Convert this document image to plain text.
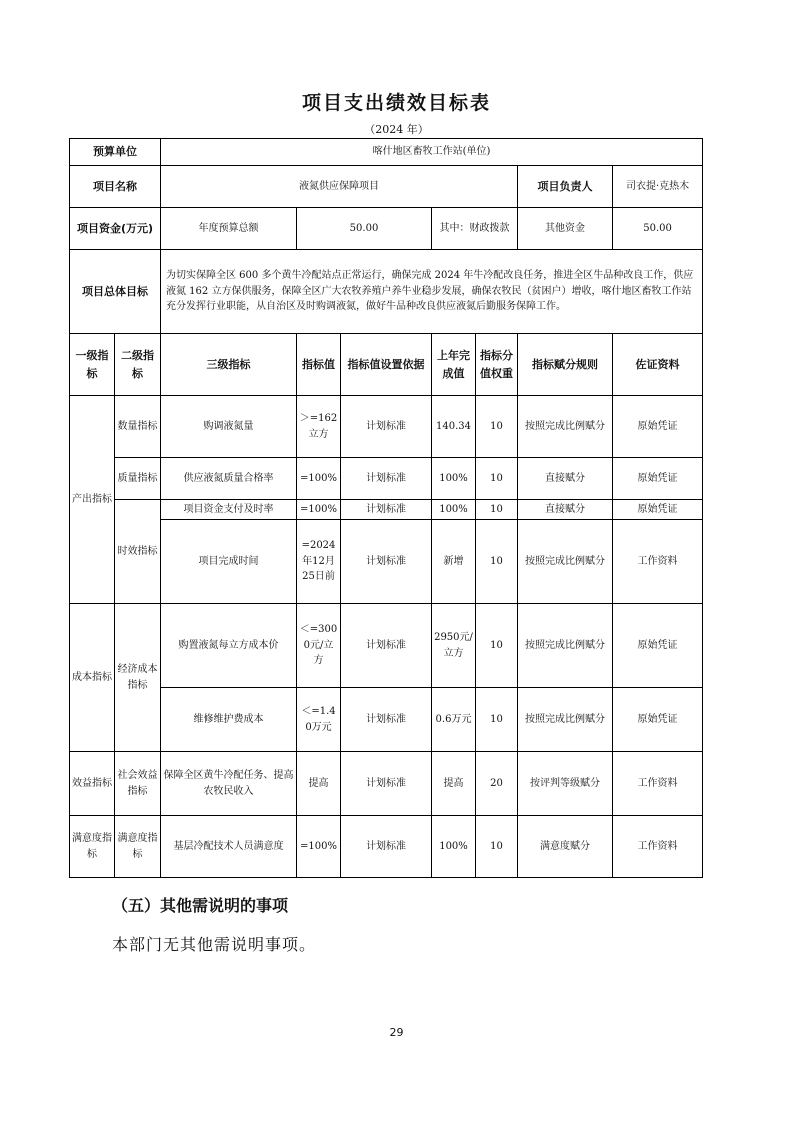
项目支出绩效目标表
（2024 年）
预算单位		喀什地区畜牧工作站(单位)						
项目名称		液氮供应保障项目					项目负责人	司衣提·克热木
项目资金(万元)		年度预算总额	50.00		其中：财政拨款		其他资金	50.00
项目总体目标		为切实保障全区 600 多个黄牛冷配站点正常运行，确保完成 2024 年牛冷配改良任务，推进全区牛品种改良工作，供应液氮 162 立方保供服务，保障全区广大农牧养殖户养牛业稳步发展，确保农牧民（贫困户）增收，喀什地区畜牧工作站充分发挥行业职能，从自治区及时购调液氮，做好牛品种改良供应液氮后勤服务保障工作。						
一级指标	二级指标	三级指标	指标值	指标值设置依据	上年完成值	指标分值权重	指标赋分规则	佐证资料
产出指标	数量指标	购调液氮量	＞=162立方	计划标准	140.34	10	按照完成比例赋分	原始凭证
	质量指标	供应液氮质量合格率	=100%	计划标准	100%	10	直接赋分	原始凭证
	时效指标	项目资金支付及时率	=100%	计划标准	100%	10	直接赋分	原始凭证
		项目完成时间	=2024年12月25日前	计划标准	新增	10	按照完成比例赋分	工作资料
成本指标	经济成本指标	购置液氮每立方成本价	＜=3000元/立方	计划标准	2950元/立方	10	按照完成比例赋分	原始凭证
		维修维护费成本	＜=1.40万元	计划标准	0.6万元	10	按照完成比例赋分	原始凭证
效益指标	社会效益指标	保障全区黄牛冷配任务、提高农牧民收入	提高	计划标准	提高	20	按评判等级赋分	工作资料
满意度指标	满意度指标	基层冷配技术人员满意度	=100%	计划标准	100%	10	满意度赋分	工作资料
（五）其他需说明的事项
本部门无其他需说明事项。
29
